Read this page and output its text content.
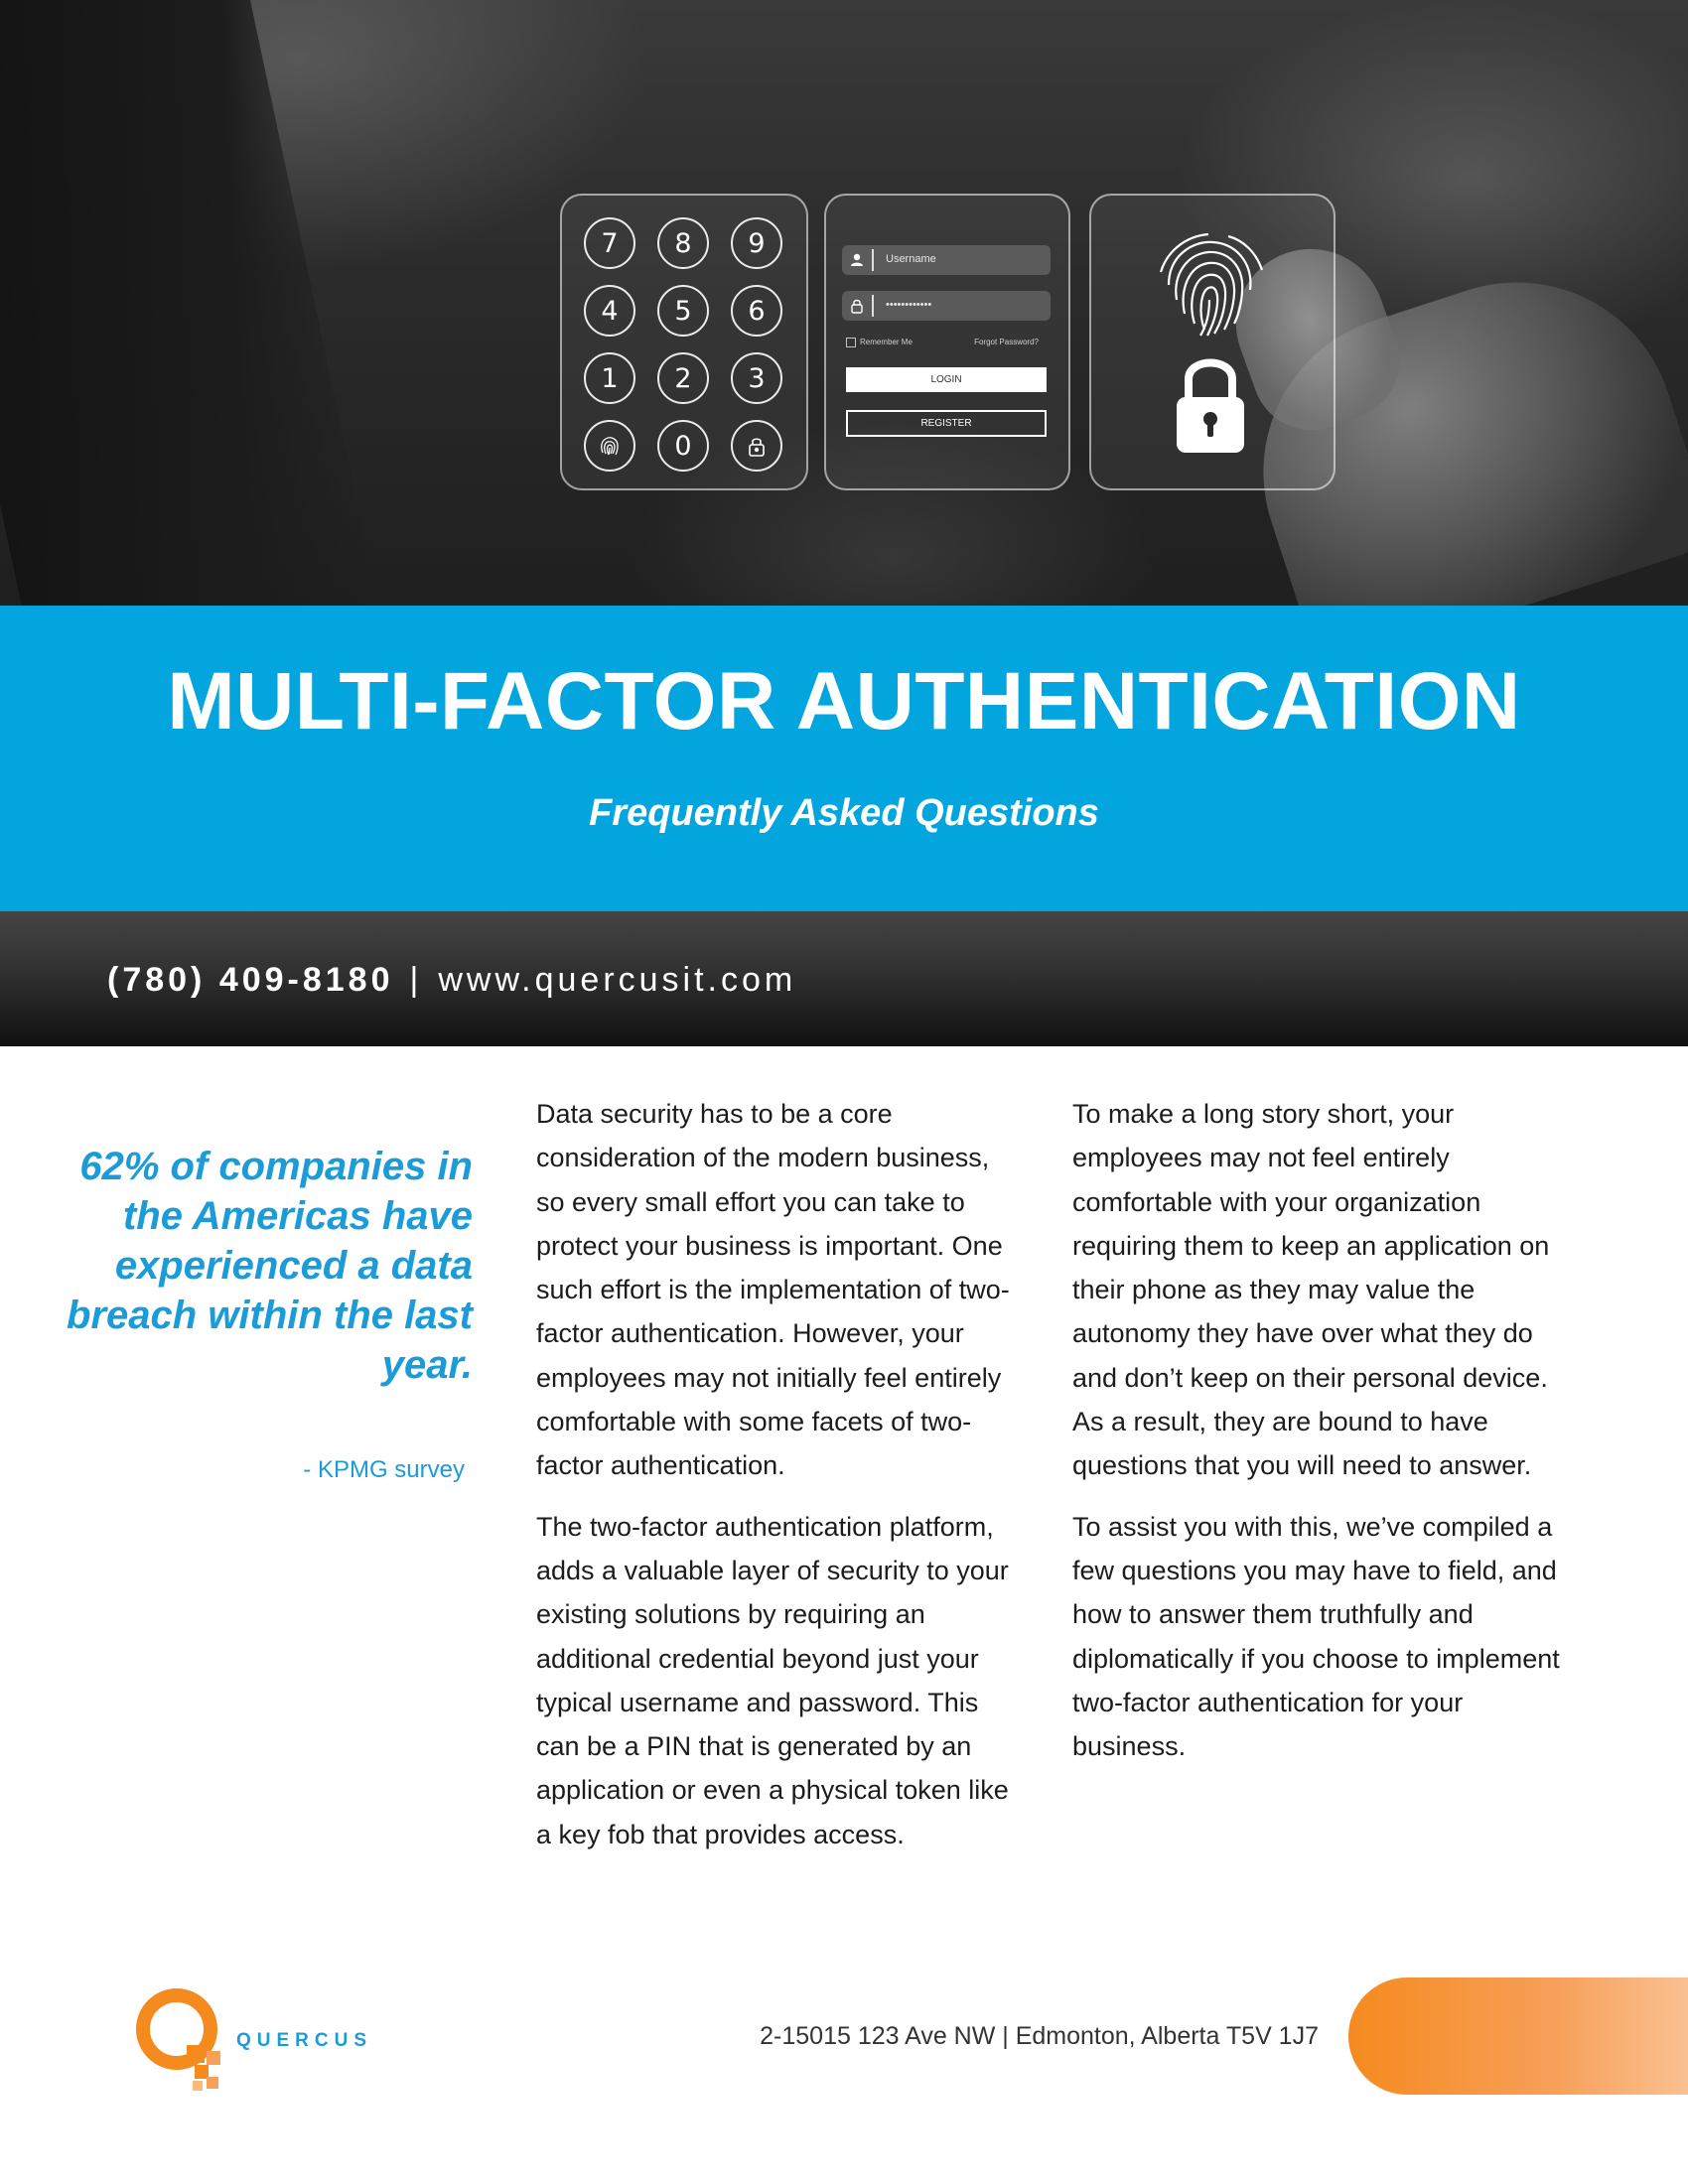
7	8	9
4	5	6
1	2	3
0
Username
••••••••••••
Remember Me	Forgot Password?
LOGIN
REGISTER
MULTI-FACTOR AUTHENTICATION
Frequently Asked Questions
(780) 409-8180 | www.quercusit.com
62% of companies in the Americas have experienced a data breach within the last year.
- KPMG survey

Data security has to be a core consideration of the modern business, so every small effort you can take to protect your business is important. One such effort is the implementation of two-factor authentication. However, your employees may not initially feel entirely comfortable with some facets of two-factor authentication.

The two-factor authentication platform, adds a valuable layer of security to your existing solutions by requiring an additional credential beyond just your typical username and password. This can be a PIN that is generated by an application or even a physical token like a key fob that provides access.

To make a long story short, your employees may not feel entirely comfortable with your organization requiring them to keep an application on their phone as they may value the autonomy they have over what they do and don’t keep on their personal device. As a result, they are bound to have questions that you will need to answer.

To assist you with this, we’ve compiled a few questions you may have to field, and how to answer them truthfully and diplomatically if you choose to implement two-factor authentication for your business.

QUERCUS	2-15015 123 Ave NW | Edmonton, Alberta T5V 1J7
